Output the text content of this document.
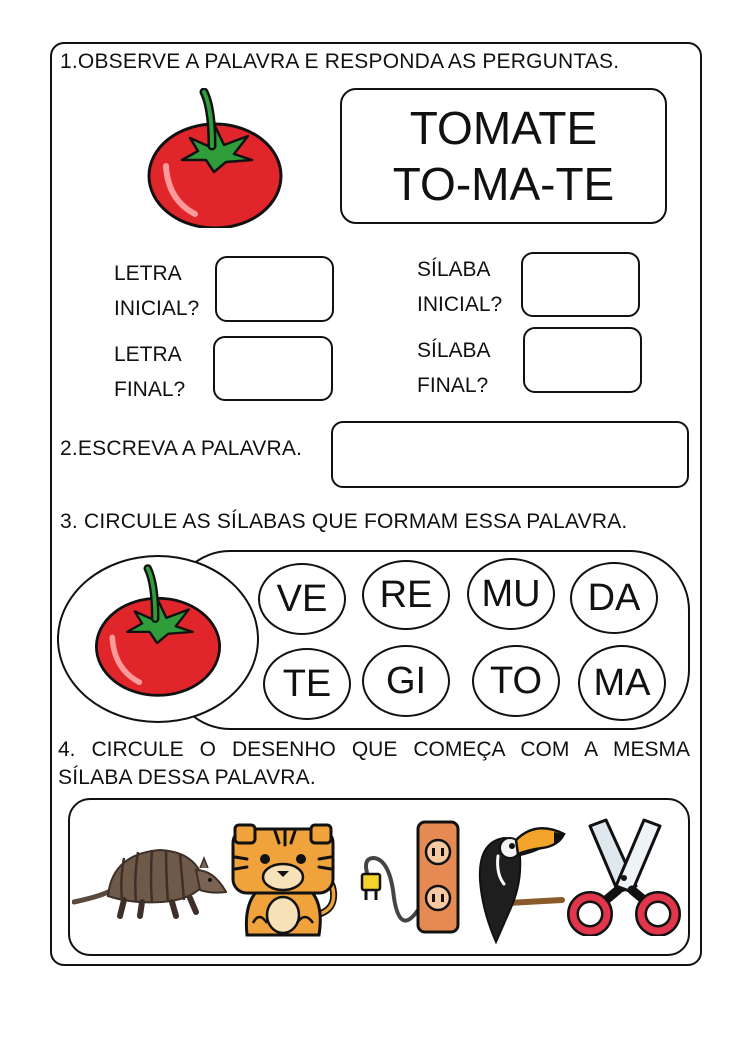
1.OBSERVE A PALAVRA E RESPONDA AS PERGUNTAS.
TOMATE
TO-MA-TE
LETRA
INICIAL?
LETRA
FINAL?
SÍLABA
INICIAL?
SÍLABA
FINAL?
2.ESCREVA A PALAVRA.
3. CIRCULE AS SÍLABAS QUE FORMAM ESSA PALAVRA.
VE	RE	MU	DA
TE	GI	TO	MA
4. CIRCULE O DESENHO QUE COMEÇA COM A MESMA
SÍLABA DESSA PALAVRA.
